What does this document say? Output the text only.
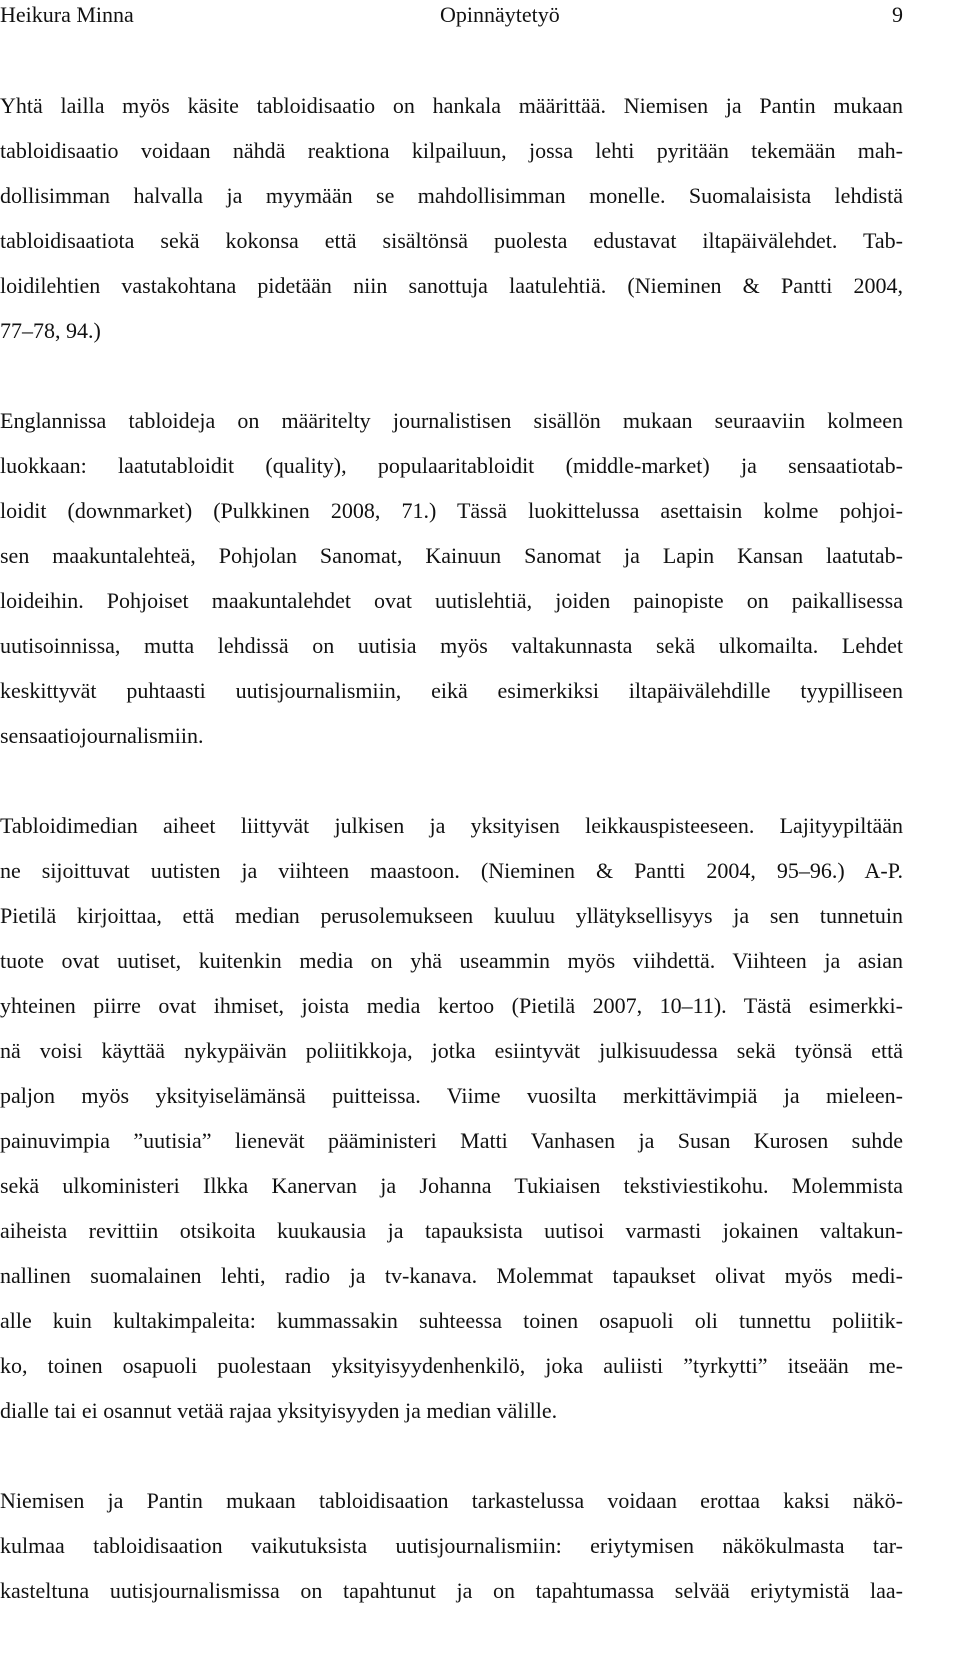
Heikura Minna	Opinnäytetyö	9

Yhtä lailla myös käsite tabloidisaatio on hankala määrittää. Niemisen ja Pantin mukaan
tabloidisaatio voidaan nähdä reaktiona kilpailuun, jossa lehti pyritään tekemään mah-
dollisimman halvalla ja myymään se mahdollisimman monelle. Suomalaisista lehdistä
tabloidisaatiota sekä kokonsa että sisältönsä puolesta edustavat iltapäivälehdet. Tab-
loidilehtien vastakohtana pidetään niin sanottuja laatulehtiä. (Nieminen & Pantti 2004,
77–78, 94.)

Englannissa tabloideja on määritelty journalistisen sisällön mukaan seuraaviin kolmeen
luokkaan: laatutabloidit (quality), populaaritabloidit (middle-market) ja sensaatiotab-
loidit (downmarket) (Pulkkinen 2008, 71.) Tässä luokittelussa asettaisin kolme pohjoi-
sen maakuntalehteä, Pohjolan Sanomat, Kainuun Sanomat ja Lapin Kansan laatutab-
loideihin. Pohjoiset maakuntalehdet ovat uutislehtiä, joiden painopiste on paikallisessa
uutisoinnissa, mutta lehdissä on uutisia myös valtakunnasta sekä ulkomailta. Lehdet
keskittyvät puhtaasti uutisjournalismiin, eikä esimerkiksi iltapäivälehdille tyypilliseen
sensaatiojournalismiin.

Tabloidimedian aiheet liittyvät julkisen ja yksityisen leikkauspisteeseen. Lajityypiltään
ne sijoittuvat uutisten ja viihteen maastoon. (Nieminen & Pantti 2004, 95–96.) A-P.
Pietilä kirjoittaa, että median perusolemukseen kuuluu yllätyksellisyys ja sen tunnetuin
tuote ovat uutiset, kuitenkin media on yhä useammin myös viihdettä. Viihteen ja asian
yhteinen piirre ovat ihmiset, joista media kertoo (Pietilä 2007, 10–11). Tästä esimerkki-
nä voisi käyttää nykypäivän poliitikkoja, jotka esiintyvät julkisuudessa sekä työnsä että
paljon myös yksityiselämänsä puitteissa. Viime vuosilta merkittävimpiä ja mieleen-
painuvimpia ”uutisia” lienevät pääministeri Matti Vanhasen ja Susan Kurosen suhde
sekä ulkoministeri Ilkka Kanervan ja Johanna Tukiaisen tekstiviestikohu. Molemmista
aiheista revittiin otsikoita kuukausia ja tapauksista uutisoi varmasti jokainen valtakun-
nallinen suomalainen lehti, radio ja tv-kanava. Molemmat tapaukset olivat myös medi-
alle kuin kultakimpaleita: kummassakin suhteessa toinen osapuoli oli tunnettu poliitik-
ko, toinen osapuoli puolestaan yksityisyydenhenkilö, joka auliisti ”tyrkytti” itseään me-
dialle tai ei osannut vetää rajaa yksityisyyden ja median välille.

Niemisen ja Pantin mukaan tabloidisaation tarkastelussa voidaan erottaa kaksi näkö-
kulmaa tabloidisaation vaikutuksista uutisjournalismiin: eriytymisen näkökulmasta tar-
kasteltuna uutisjournalismissa on tapahtunut ja on tapahtumassa selvää eriytymistä laa-
